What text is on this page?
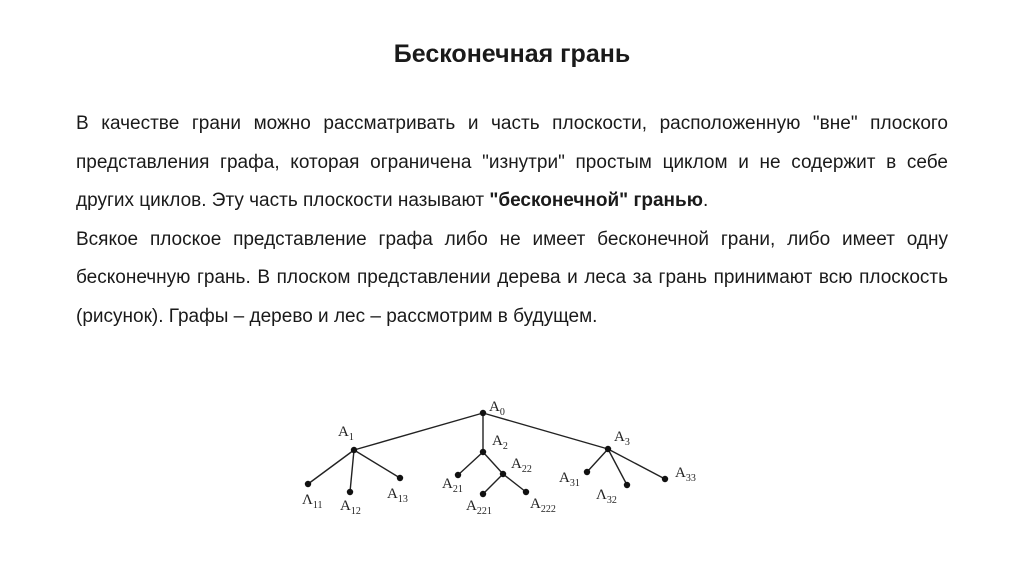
Бесконечная грань

В качестве грани можно рассматривать и часть плоскости, расположенную "вне" плоского представления графа, которая ограничена "изнутри" простым циклом и не содержит в себе других циклов. Эту часть плоскости называют "бесконечной" гранью.

Всякое плоское представление графа либо не имеет бесконечной грани, либо имеет одну бесконечную грань. В плоском представлении дерева и леса за грань принимают всю плоскость (рисунок). Графы – дерево и лес – рассмотрим в будущем.

$A_0$
$A_1$	$A_2$
$A_3$
$\Lambda_{11}$ $A_{12}$
$A_{13}$
$A_{21}$
$A_{22}$
$A_{221}$	$A_{222}$
$A_{31}$
$\Lambda_{32}$
$A_{33}$
